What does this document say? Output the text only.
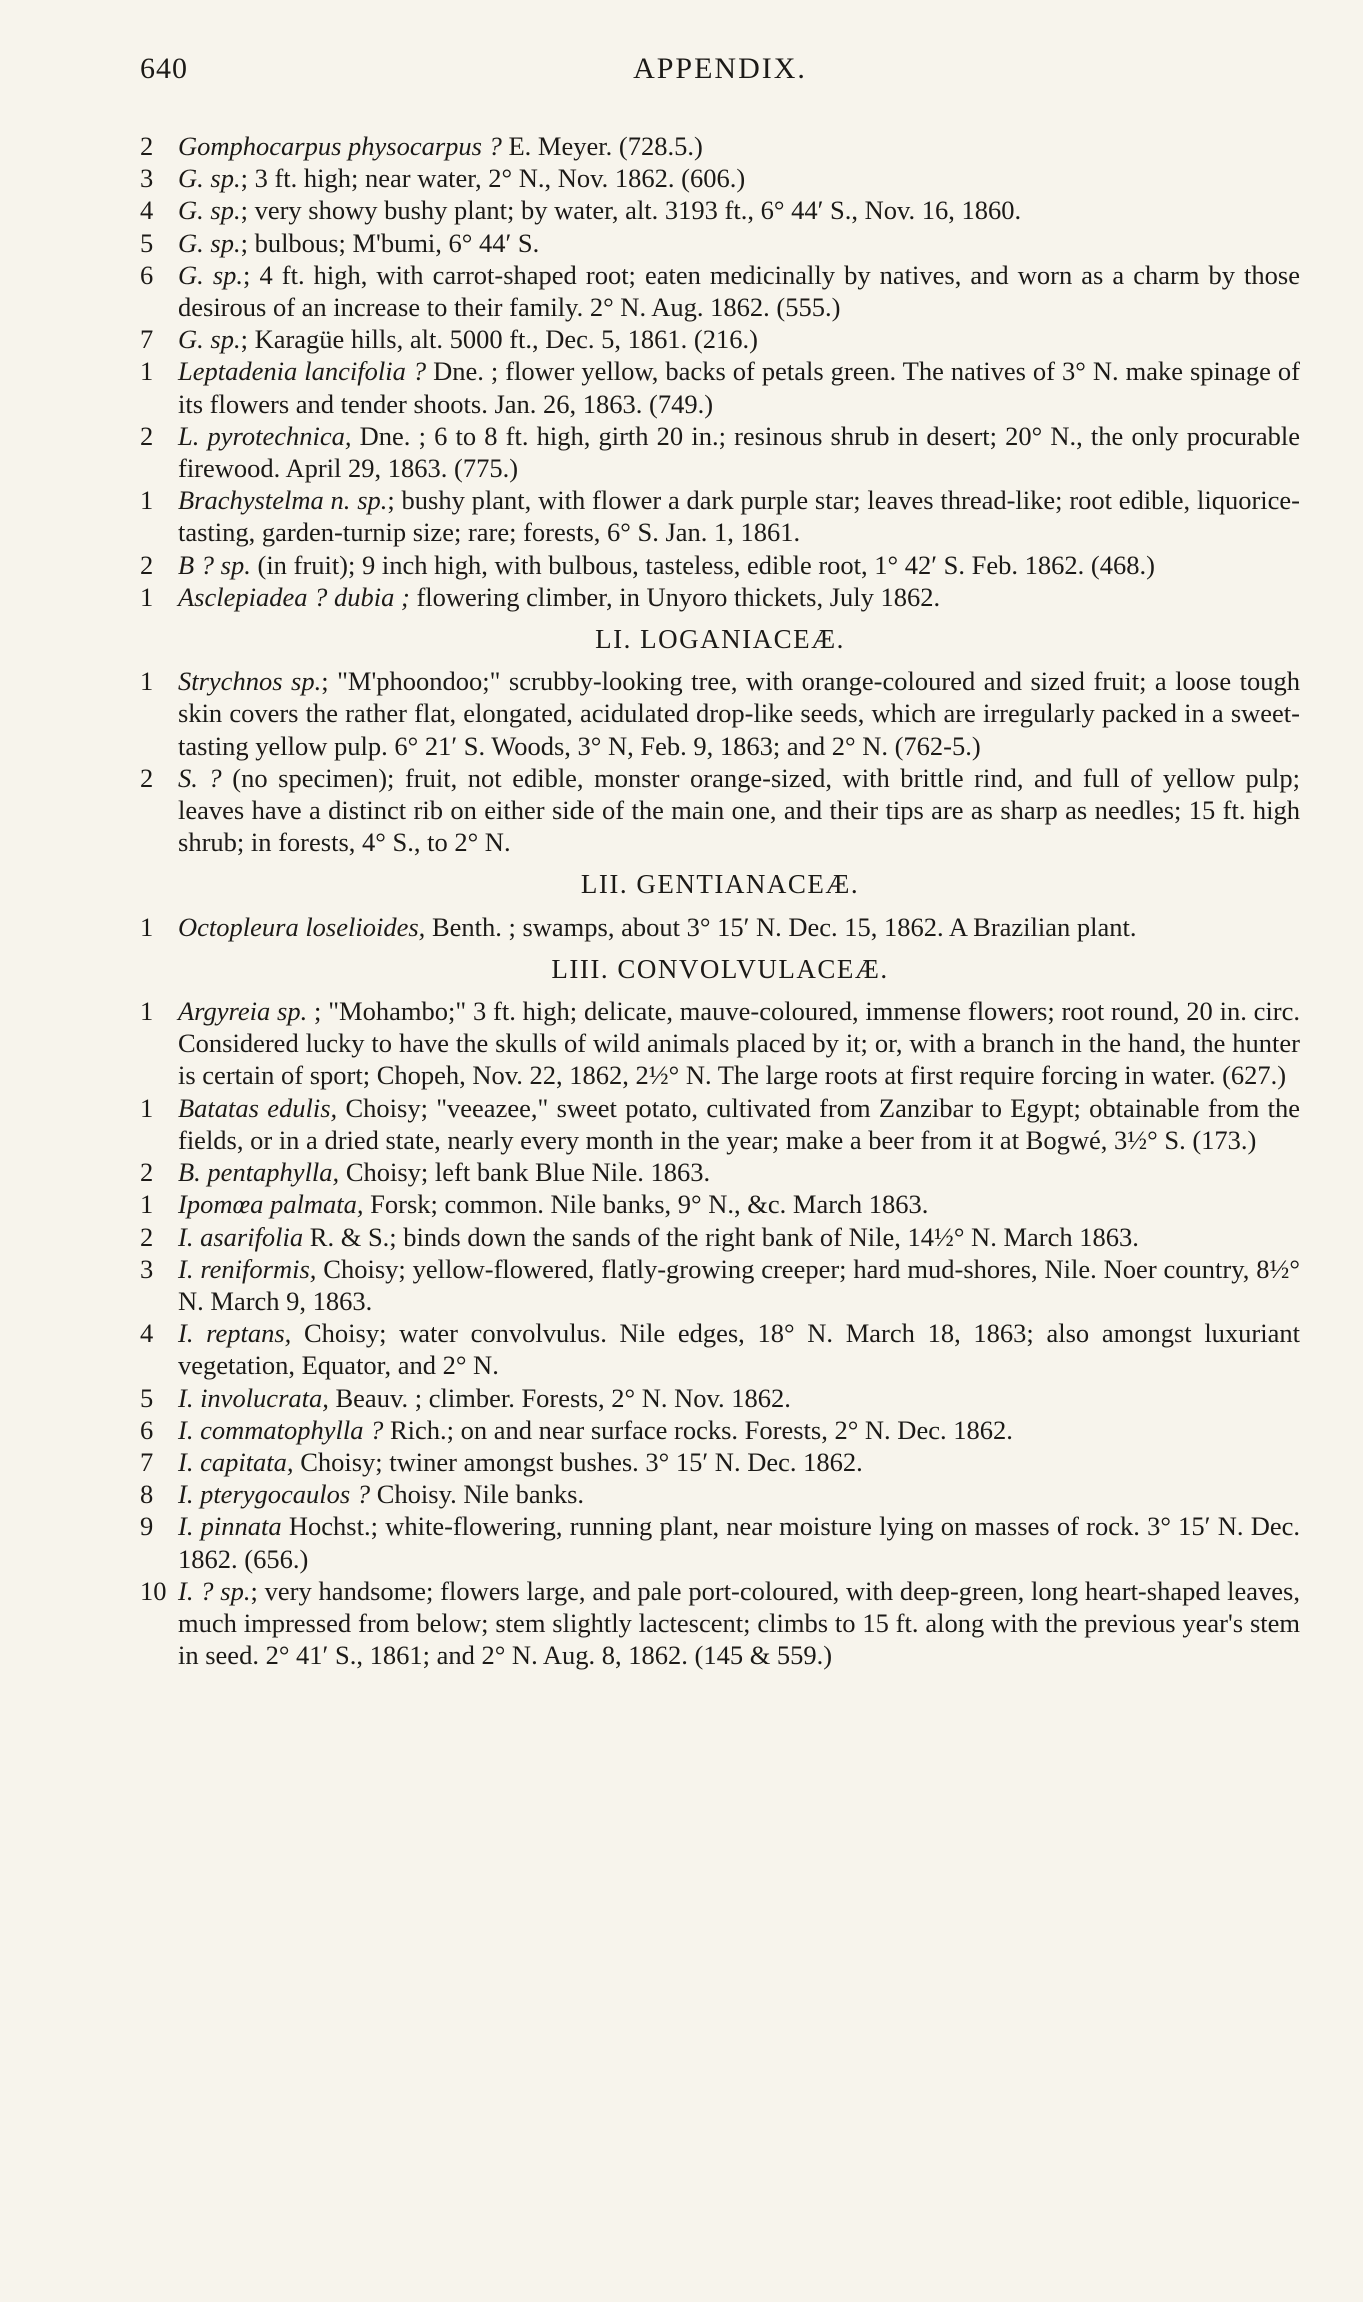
640	APPENDIX.
2 Gomphocarpus physocarpus ? E. Meyer. (728.5.)
3 G. sp.; 3 ft. high; near water, 2° N., Nov. 1862. (606.)
4 G. sp.; very showy bushy plant; by water, alt. 3193 ft., 6° 44′ S., Nov. 16, 1860.
5 G. sp.; bulbous; M'bumi, 6° 44′ S.
6 G. sp.; 4 ft. high, with carrot-shaped root; eaten medicinally by natives, and worn as a charm by those desirous of an increase to their family. 2° N. Aug. 1862. (555.)
7 G. sp.; Karagüe hills, alt. 5000 ft., Dec. 5, 1861. (216.)
1 Leptadenia lancifolia ? Dne. ; flower yellow, backs of petals green. The natives of 3° N. make spinage of its flowers and tender shoots. Jan. 26, 1863. (749.)
2 L. pyrotechnica, Dne. ; 6 to 8 ft. high, girth 20 in.; resinous shrub in desert; 20° N., the only procurable firewood. April 29, 1863. (775.)
1 Brachystelma n. sp.; bushy plant, with flower a dark purple star; leaves thread-like; root edible, liquorice-tasting, garden-turnip size; rare; forests, 6° S. Jan. 1, 1861.
2 B ? sp. (in fruit); 9 inch high, with bulbous, tasteless, edible root, 1° 42′ S. Feb. 1862. (468.)
1 Asclepiadea ? dubia ; flowering climber, in Unyoro thickets, July 1862.
LI. LOGANIACEÆ.
1 Strychnos sp.; "M'phoondoo;" scrubby-looking tree, with orange-coloured and sized fruit; a loose tough skin covers the rather flat, elongated, acidulated drop-like seeds, which are irregularly packed in a sweet-tasting yellow pulp. 6° 21′ S. Woods, 3° N, Feb. 9, 1863; and 2° N. (762-5.)
2 S. ? (no specimen); fruit, not edible, monster orange-sized, with brittle rind, and full of yellow pulp; leaves have a distinct rib on either side of the main one, and their tips are as sharp as needles; 15 ft. high shrub; in forests, 4° S., to 2° N.
LII. GENTIANACEÆ.
1 Octopleura loselioides, Benth. ; swamps, about 3° 15′ N. Dec. 15, 1862. A Brazilian plant.
LIII. CONVOLVULACEÆ.
1 Argyreia sp. ; "Mohambo;" 3 ft. high; delicate, mauve-coloured, immense flowers; root round, 20 in. circ. Considered lucky to have the skulls of wild animals placed by it; or, with a branch in the hand, the hunter is certain of sport; Chopeh, Nov. 22, 1862, 2½° N. The large roots at first require forcing in water. (627.)
1 Batatas edulis, Choisy; "veeazee," sweet potato, cultivated from Zanzibar to Egypt; obtainable from the fields, or in a dried state, nearly every month in the year; make a beer from it at Bogwé, 3½° S. (173.)
2 B. pentaphylla, Choisy; left bank Blue Nile. 1863.
1 Ipomœa palmata, Forsk; common. Nile banks, 9° N., &c. March 1863.
2 I. asarifolia R. & S.; binds down the sands of the right bank of Nile, 14½° N. March 1863.
3 I. reniformis, Choisy; yellow-flowered, flatly-growing creeper; hard mud-shores, Nile. Noer country, 8½° N. March 9, 1863.
4 I. reptans, Choisy; water convolvulus. Nile edges, 18° N. March 18, 1863; also amongst luxuriant vegetation, Equator, and 2° N.
5 I. involucrata, Beauv. ; climber. Forests, 2° N. Nov. 1862.
6 I. commatophylla ? Rich.; on and near surface rocks. Forests, 2° N. Dec. 1862.
7 I. capitata, Choisy; twiner amongst bushes. 3° 15′ N. Dec. 1862.
8 I. pterygocaulos ? Choisy. Nile banks.
9 I. pinnata Hochst.; white-flowering, running plant, near moisture lying on masses of rock. 3° 15′ N. Dec. 1862. (656.)
10 I. ? sp.; very handsome; flowers large, and pale port-coloured, with deep-green, long heart-shaped leaves, much impressed from below; stem slightly lactescent; climbs to 15 ft. along with the previous year's stem in seed. 2° 41′ S., 1861; and 2° N. Aug. 8, 1862. (145 & 559.)
